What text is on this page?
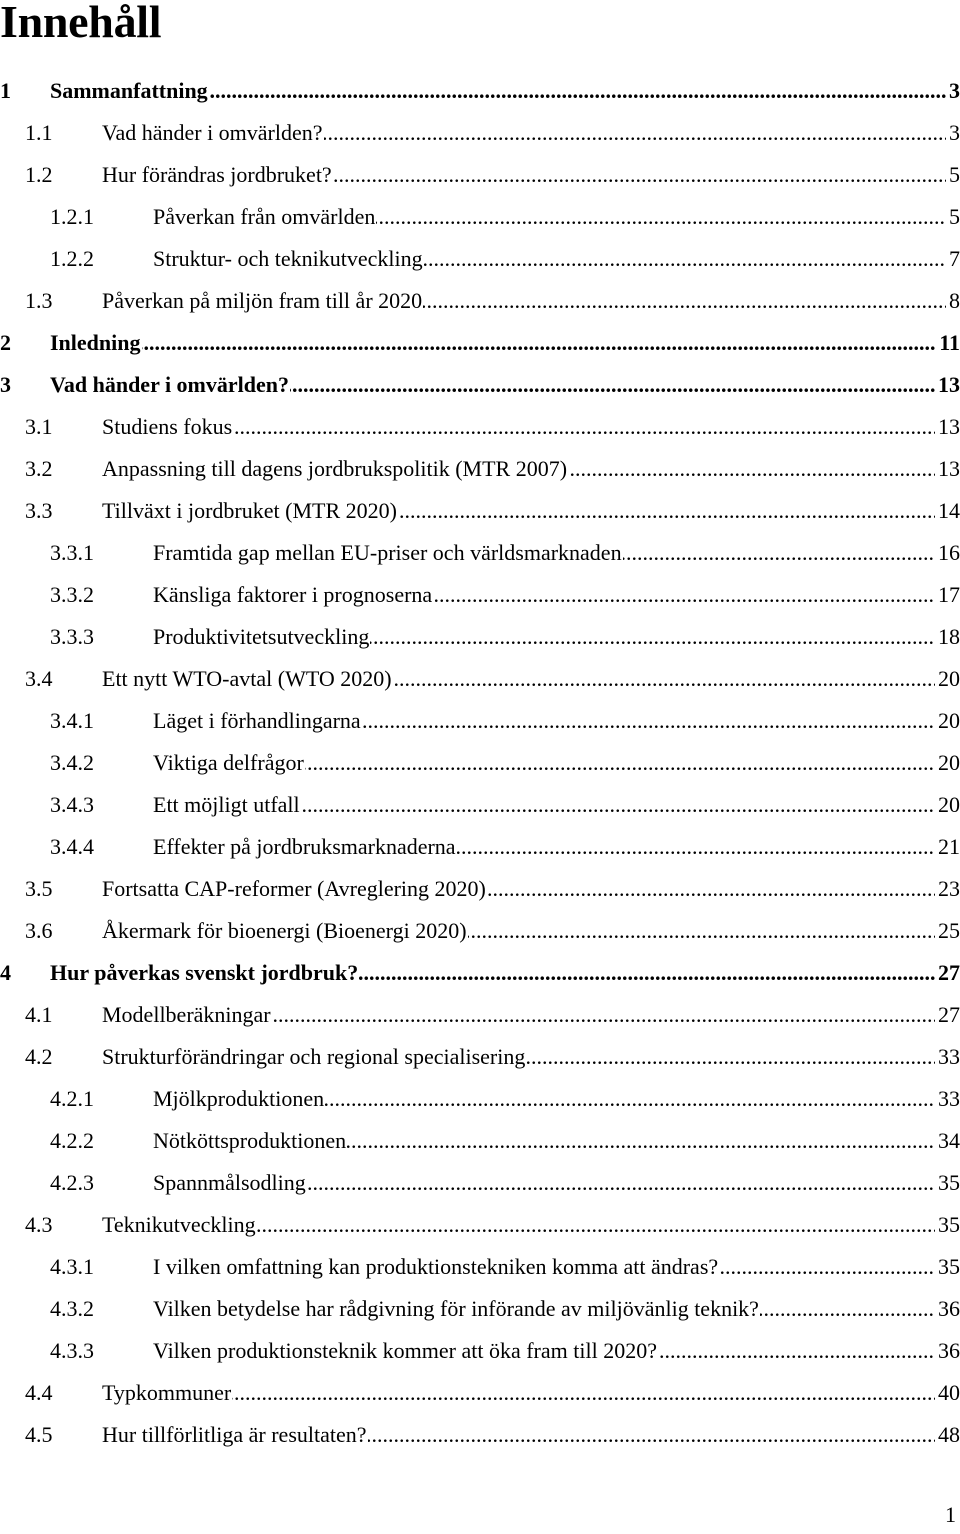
Innehåll
1 Sammanfattning .....	3
1.1 Vad händer i omvärlden? .....	3
1.2 Hur förändras jordbruket? .....	5
1.2.1	Påverkan från omvärlden .....	5
1.2.2	Struktur- och teknikutveckling .....	7
1.3 Påverkan på miljön fram till år 2020 .....	8
2 Inledning .....	11
3 Vad händer i omvärlden? .....	13
3.1 Studiens fokus .....	13
3.2 Anpassning till dagens jordbrukspolitik (MTR 2007) .....	13
3.3 Tillväxt i jordbruket (MTR 2020) .....	14
3.3.1	Framtida gap mellan EU-priser och världsmarknaden .....	16
3.3.2	Känsliga faktorer i prognoserna .....	17
3.3.3	Produktivitetsutveckling .....	18
3.4 Ett nytt WTO-avtal (WTO 2020) .....	20
3.4.1	Läget i förhandlingarna .....	20
3.4.2	Viktiga delfrågor .....	20
3.4.3	Ett möjligt utfall .....	20
3.4.4	Effekter på jordbruksmarknaderna .....	21
3.5 Fortsatta CAP-reformer (Avreglering 2020) .....	23
3.6 Åkermark för bioenergi (Bioenergi 2020) .....	25
4 Hur påverkas svenskt jordbruk? .....	27
4.1 Modellberäkningar .....	27
4.2 Strukturförändringar och regional specialisering .....	33
4.2.1	Mjölkproduktionen .....	33
4.2.2	Nötköttsproduktionen .....	34
4.2.3	Spannmålsodling .....	35
4.3 Teknikutveckling .....	35
4.3.1	I vilken omfattning kan produktionstekniken komma att ändras? .....	35
4.3.2	Vilken betydelse har rådgivning för införande av miljövänlig teknik? .....	36
4.3.3	Vilken produktionsteknik kommer att öka fram till 2020? .....	36
4.4 Typkommuner .....	40
4.5 Hur tillförlitliga är resultaten? .....	48
1
